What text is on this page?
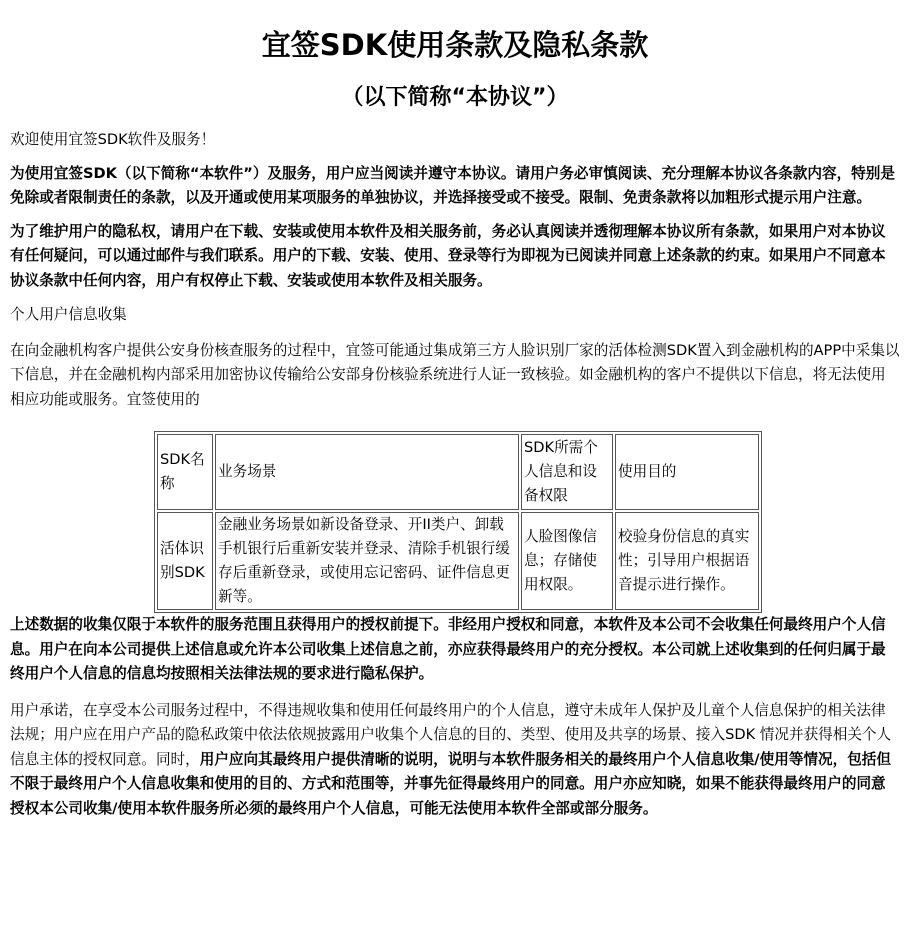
宜签SDK使用条款及隐私条款
（以下简称“本协议”）

欢迎使用宜签SDK软件及服务！

为使用宜签SDK（以下简称“本软件”）及服务，用户应当阅读并遵守本协议。请用户务必审慎阅读、充分理解本协议各条款内容，特别是免除或者限制责任的条款，以及开通或使用某项服务的单独协议，并选择接受或不接受。限制、免责条款将以加粗形式提示用户注意。

为了维护用户的隐私权，请用户在下载、安装或使用本软件及相关服务前，务必认真阅读并透彻理解本协议所有条款，如果用户对本协议有任何疑问，可以通过邮件与我们联系。用户的下载、安装、使用、登录等行为即视为已阅读并同意上述条款的约束。如果用户不同意本协议条款中任何内容，用户有权停止下载、安装或使用本软件及相关服务。

个人用户信息收集

在向金融机构客户提供公安身份核查服务的过程中，宜签可能通过集成第三方人脸识别厂家的活体检测SDK置入到金融机构的APP中采集以下信息，并在金融机构内部采用加密协议传输给公安部身份核验系统进行人证一致核验。如金融机构的客户不提供以下信息，将无法使用相应功能或服务。宜签使用的

SDK名称	业务场景	SDK所需个人信息和设备权限	使用目的
活体识别SDK	金融业务场景如新设备登录、开II类户、卸载手机银行后重新安装并登录、清除手机银行缓存后重新登录，或使用忘记密码、证件信息更新等。	人脸图像信息；存储使用权限。	校验身份信息的真实性；引导用户根据语音提示进行操作。

上述数据的收集仅限于本软件的服务范围且获得用户的授权前提下。非经用户授权和同意，本软件及本公司不会收集任何最终用户个人信息。用户在向本公司提供上述信息或允许本公司收集上述信息之前，亦应获得最终用户的充分授权。本公司就上述收集到的任何归属于最终用户个人信息的信息均按照相关法律法规的要求进行隐私保护。

用户承诺，在享受本公司服务过程中，不得违规收集和使用任何最终用户的个人信息，遵守未成年人保护及儿童个人信息保护的相关法律法规；用户应在用户产品的隐私政策中依法依规披露用户收集个人信息的目的、类型、使用及共享的场景、接入SDK 情况并获得相关个人信息主体的授权同意。同时，用户应向其最终用户提供清晰的说明，说明与本软件服务相关的最终用户个人信息收集/使用等情况，包括但不限于最终用户个人信息收集和使用的目的、方式和范围等，并事先征得最终用户的同意。用户亦应知晓，如果不能获得最终用户的同意授权本公司收集/使用本软件服务所必须的最终用户个人信息，可能无法使用本软件全部或部分服务。
